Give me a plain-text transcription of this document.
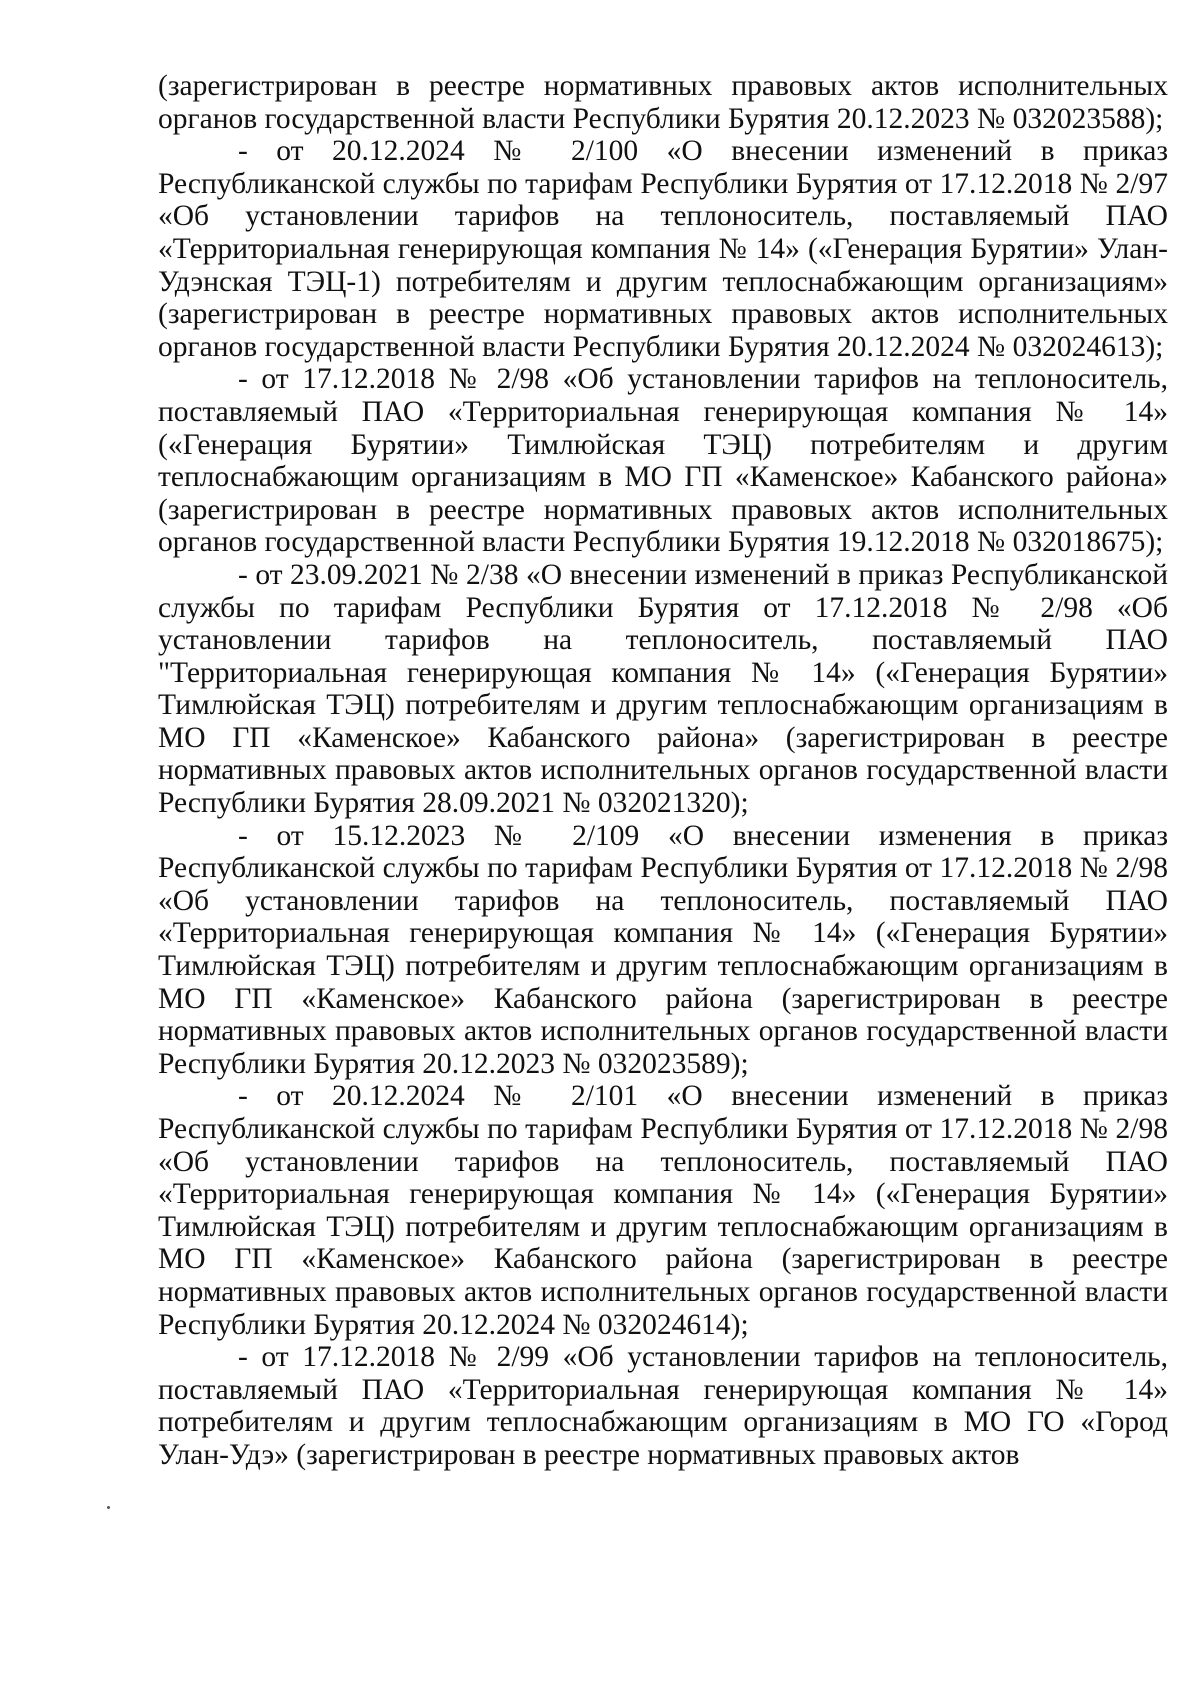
(зарегистрирован в реестре нормативных правовых актов исполнительных органов государственной власти Республики Бурятия 20.12.2023 № 032023588);

- от 20.12.2024 № 2/100 «О внесении изменений в приказ Республиканской службы по тарифам Республики Бурятия от 17.12.2018 № 2/97 «Об установлении тарифов на теплоноситель, поставляемый ПАО «Территориальная генерирующая компания № 14» («Генерация Бурятии» Улан-Удэнская ТЭЦ-1) потребителям и другим теплоснабжающим организациям» (зарегистрирован в реестре нормативных правовых актов исполнительных органов государственной власти Республики Бурятия 20.12.2024 № 032024613);

- от 17.12.2018 № 2/98 «Об установлении тарифов на теплоноситель, поставляемый ПАО «Территориальная генерирующая компания № 14» («Генерация Бурятии» Тимлюйская ТЭЦ) потребителям и другим теплоснабжающим организациям в МО ГП «Каменское» Кабанского района» (зарегистрирован в реестре нормативных правовых актов исполнительных органов государственной власти Республики Бурятия 19.12.2018 № 032018675);

- от 23.09.2021 № 2/38 «О внесении изменений в приказ Республиканской службы по тарифам Республики Бурятия от 17.12.2018 № 2/98 «Об установлении тарифов на теплоноситель, поставляемый ПАО "Территориальная генерирующая компания № 14» («Генерация Бурятии» Тимлюйская ТЭЦ) потребителям и другим теплоснабжающим организациям в МО ГП «Каменское» Кабанского района» (зарегистрирован в реестре нормативных правовых актов исполнительных органов государственной власти Республики Бурятия 28.09.2021 № 032021320);

- от 15.12.2023 № 2/109 «О внесении изменения в приказ Республиканской службы по тарифам Республики Бурятия от 17.12.2018 № 2/98 «Об установлении тарифов на теплоноситель, поставляемый ПАО «Территориальная генерирующая компания № 14» («Генерация Бурятии» Тимлюйская ТЭЦ) потребителям и другим теплоснабжающим организациям в МО ГП «Каменское» Кабанского района (зарегистрирован в реестре нормативных правовых актов исполнительных органов государственной власти Республики Бурятия 20.12.2023 № 032023589);

- от 20.12.2024 № 2/101 «О внесении изменений в приказ Республиканской службы по тарифам Республики Бурятия от 17.12.2018 № 2/98 «Об установлении тарифов на теплоноситель, поставляемый ПАО «Территориальная генерирующая компания № 14» («Генерация Бурятии» Тимлюйская ТЭЦ) потребителям и другим теплоснабжающим организациям в МО ГП «Каменское» Кабанского района (зарегистрирован в реестре нормативных правовых актов исполнительных органов государственной власти Республики Бурятия 20.12.2024 № 032024614);

- от 17.12.2018 № 2/99 «Об установлении тарифов на теплоноситель, поставляемый ПАО «Территориальная генерирующая компания № 14» потребителям и другим теплоснабжающим организациям в МО ГО «Город Улан-Удэ» (зарегистрирован в реестре нормативных правовых актов
